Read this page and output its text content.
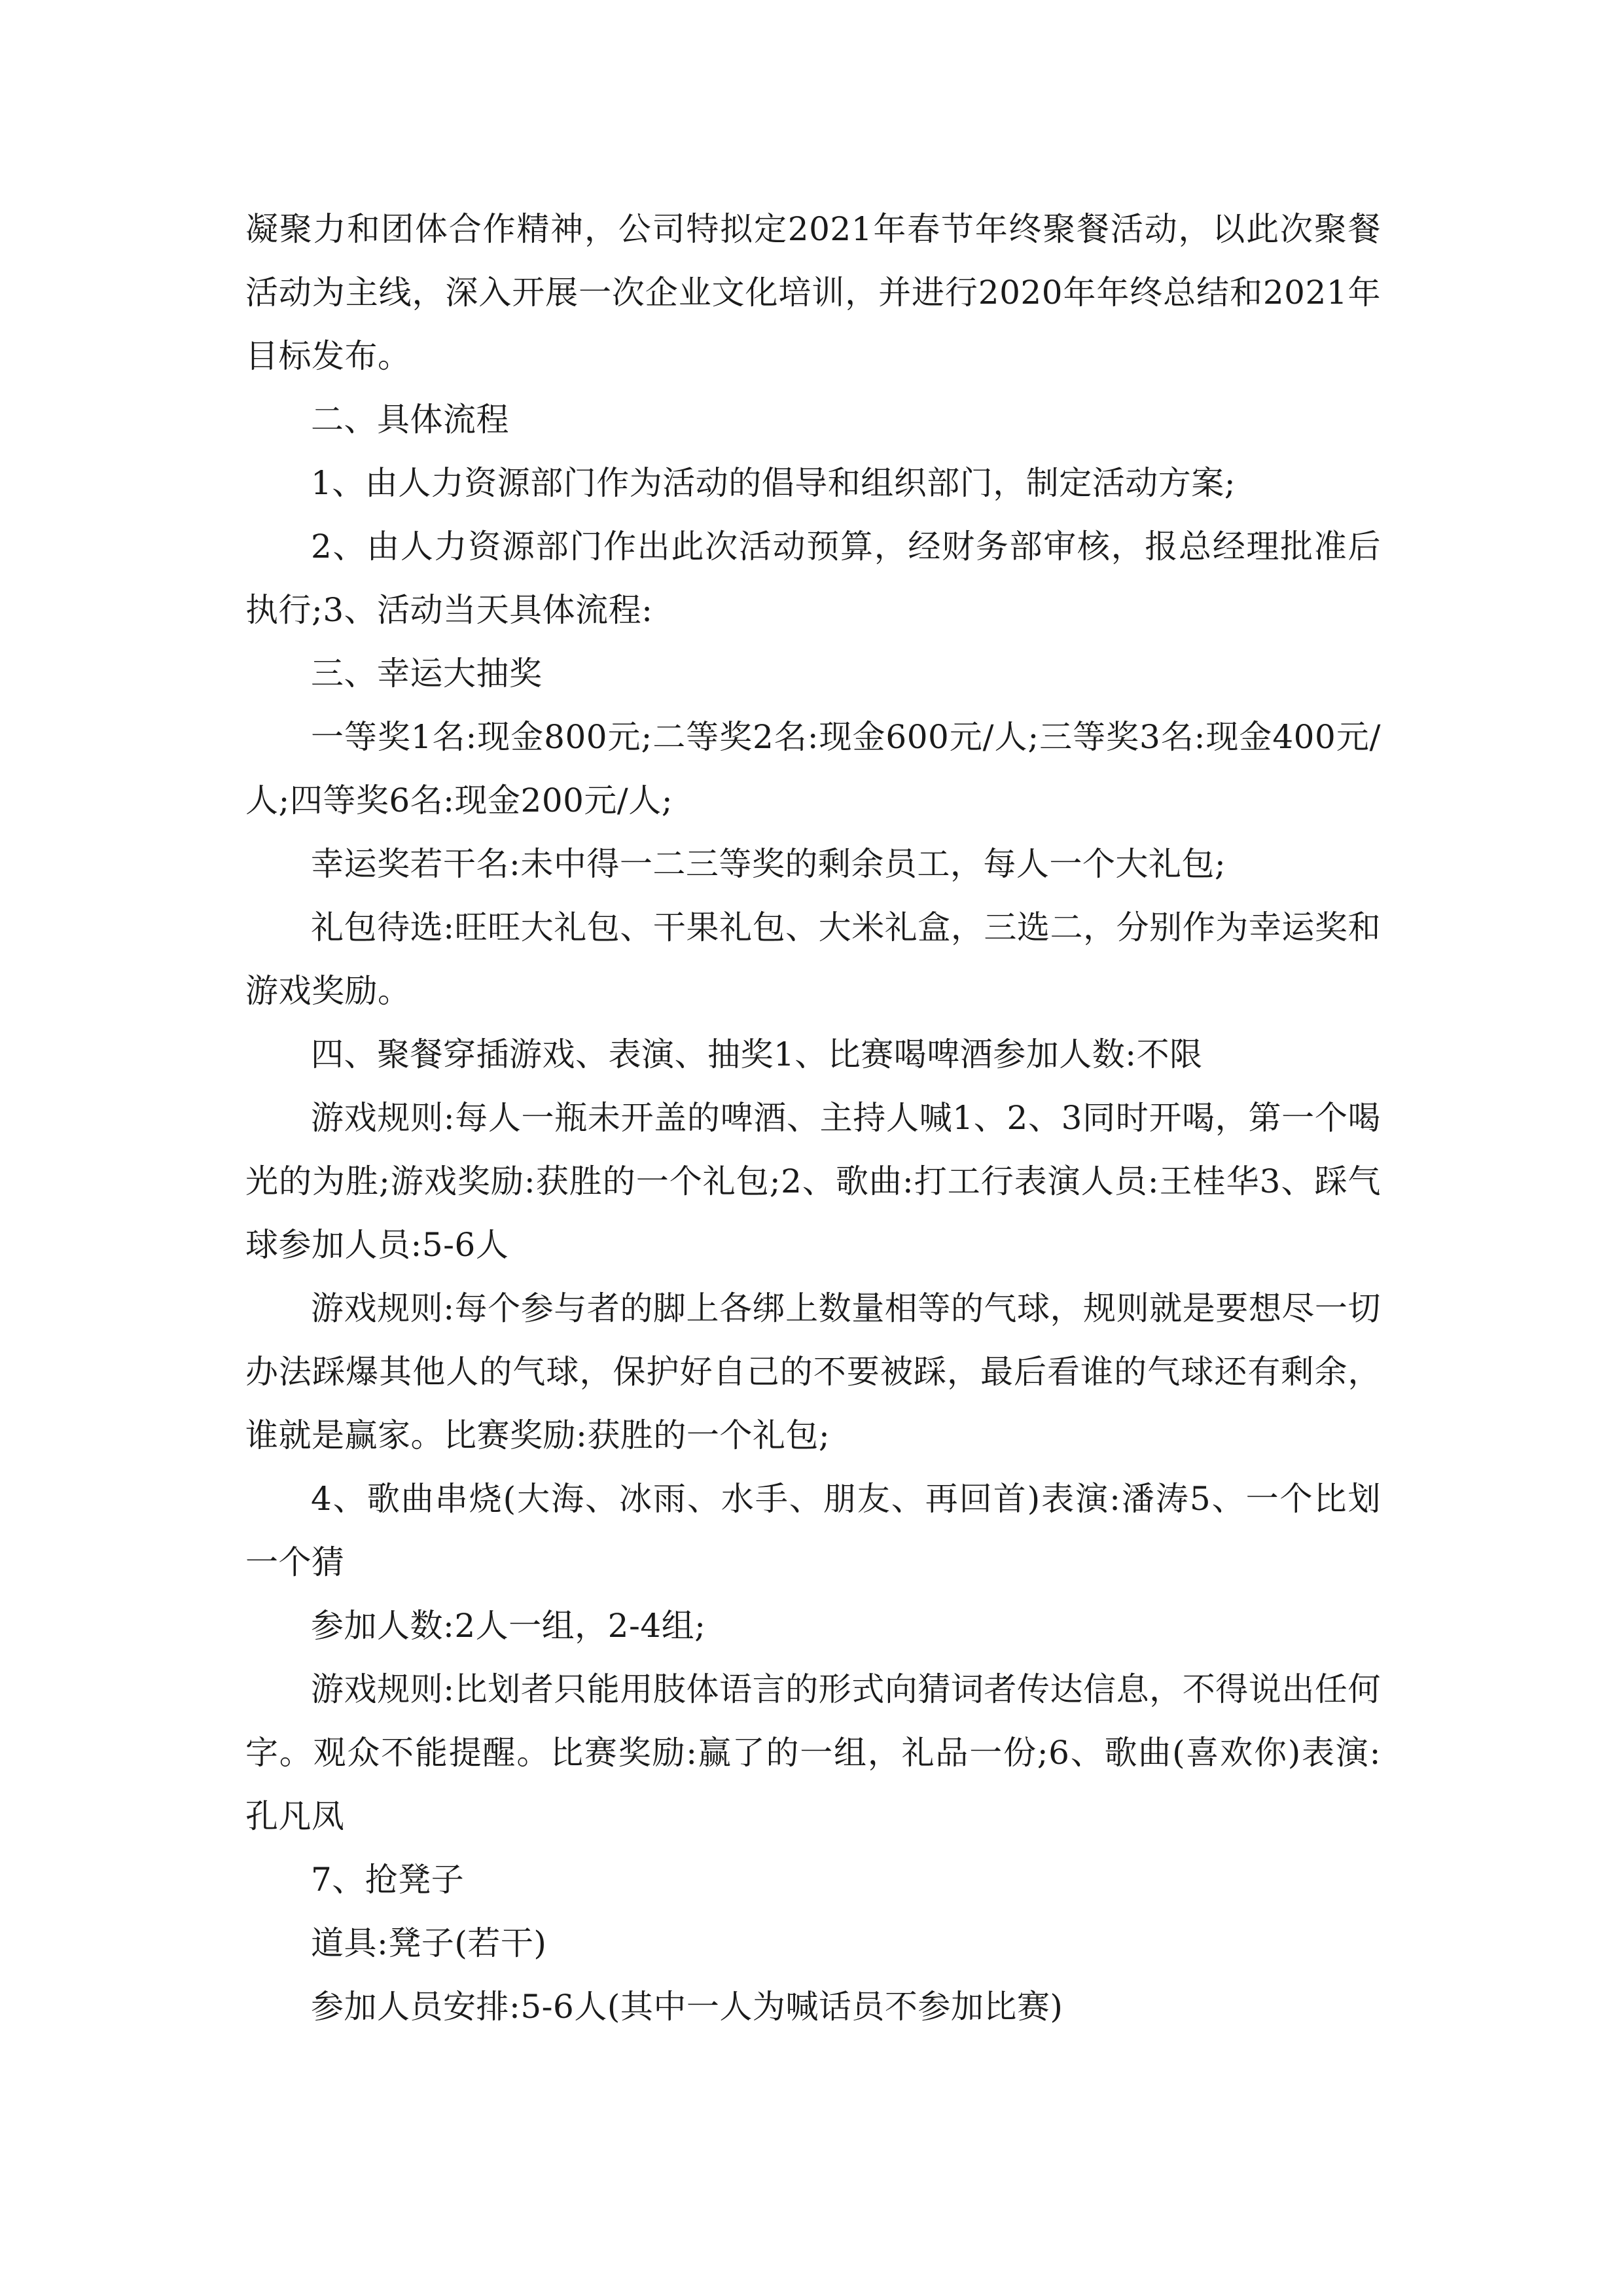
凝聚力和团体合作精神，公司特拟定2021年春节年终聚餐活动，以此次聚餐活动为主线，深入开展一次企业文化培训，并进行2020年年终总结和2021年目标发布。

二、具体流程

1、由人力资源部门作为活动的倡导和组织部门，制定活动方案;

2、由人力资源部门作出此次活动预算，经财务部审核，报总经理批准后执行;3、活动当天具体流程:

三、幸运大抽奖

一等奖1名:现金800元;二等奖2名:现金600元/人;三等奖3名:现金400元/人;四等奖6名:现金200元/人;

幸运奖若干名:未中得一二三等奖的剩余员工，每人一个大礼包;

礼包待选:旺旺大礼包、干果礼包、大米礼盒，三选二，分别作为幸运奖和游戏奖励。

四、聚餐穿插游戏、表演、抽奖1、比赛喝啤酒参加人数:不限

游戏规则:每人一瓶未开盖的啤酒、主持人喊1、2、3同时开喝，第一个喝光的为胜;游戏奖励:获胜的一个礼包;2、歌曲:打工行表演人员:王桂华3、踩气球参加人员:5-6人

游戏规则:每个参与者的脚上各绑上数量相等的气球，规则就是要想尽一切办法踩爆其他人的气球，保护好自己的不要被踩，最后看谁的气球还有剩余，谁就是赢家。比赛奖励:获胜的一个礼包;

4、歌曲串烧(大海、冰雨、水手、朋友、再回首)表演:潘涛5、一个比划一个猜

参加人数:2人一组，2-4组;

游戏规则:比划者只能用肢体语言的形式向猜词者传达信息，不得说出任何字。观众不能提醒。比赛奖励:赢了的一组，礼品一份;6、歌曲(喜欢你)表演:孔凡凤

7、抢凳子

道具:凳子(若干)

参加人员安排:5-6人(其中一人为喊话员不参加比赛)
